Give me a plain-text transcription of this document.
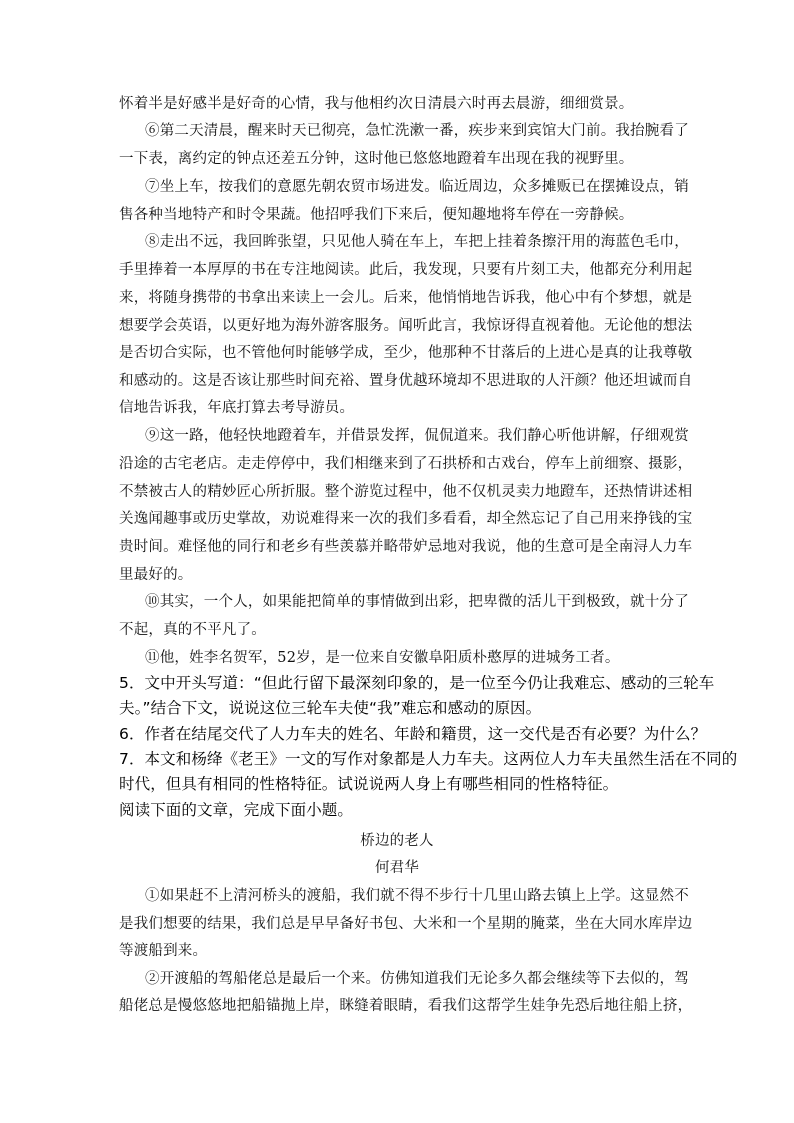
怀着半是好感半是好奇的心情，我与他相约次日清晨六时再去晨游，细细赏景。
⑥第二天清晨，醒来时天已彻亮，急忙洗漱一番，疾步来到宾馆大门前。我抬腕看了
一下表，离约定的钟点还差五分钟，这时他已悠悠地蹬着车出现在我的视野里。
⑦坐上车，按我们的意愿先朝农贸市场进发。临近周边，众多摊贩已在摆摊设点，销
售各种当地特产和时令果蔬。他招呼我们下来后，便知趣地将车停在一旁静候。
⑧走出不远，我回眸张望，只见他人骑在车上，车把上挂着条擦汗用的海蓝色毛巾，
手里捧着一本厚厚的书在专注地阅读。此后，我发现，只要有片刻工夫，他都充分利用起
来，将随身携带的书拿出来读上一会儿。后来，他悄悄地告诉我，他心中有个梦想，就是
想要学会英语，以更好地为海外游客服务。闻听此言，我惊讶得直视着他。无论他的想法
是否切合实际，也不管他何时能够学成，至少，他那种不甘落后的上进心是真的让我尊敬
和感动的。这是否该让那些时间充裕、置身优越环境却不思进取的人汗颜？他还坦诚而自
信地告诉我，年底打算去考导游员。
⑨这一路，他轻快地蹬着车，并借景发挥，侃侃道来。我们静心听他讲解，仔细观赏
沿途的古宅老店。走走停停中，我们相继来到了石拱桥和古戏台，停车上前细察、摄影，
不禁被古人的精妙匠心所折服。整个游览过程中，他不仅机灵卖力地蹬车，还热情讲述相
关逸闻趣事或历史掌故，劝说难得来一次的我们多看看，却全然忘记了自己用来挣钱的宝
贵时间。难怪他的同行和老乡有些羡慕并略带妒忌地对我说，他的生意可是全南浔人力车
里最好的。
⑩其实，一个人，如果能把简单的事情做到出彩，把卑微的活儿干到极致，就十分了
不起，真的不平凡了。
⑪他，姓李名贺军，52岁，是一位来自安徽阜阳质朴憨厚的进城务工者。
5．文中开头写道：“但此行留下最深刻印象的，是一位至今仍让我难忘、感动的三轮车
夫。”结合下文，说说这位三轮车夫使“我”难忘和感动的原因。
6．作者在结尾交代了人力车夫的姓名、年龄和籍贯，这一交代是否有必要？为什么？
7．本文和杨绛《老王》一文的写作对象都是人力车夫。这两位人力车夫虽然生活在不同的
时代，但具有相同的性格特征。试说说两人身上有哪些相同的性格特征。
阅读下面的文章，完成下面小题。
桥边的老人
何君华
①如果赶不上清河桥头的渡船，我们就不得不步行十几里山路去镇上上学。这显然不
是我们想要的结果，我们总是早早备好书包、大米和一个星期的腌菜，坐在大同水库岸边
等渡船到来。
②开渡船的驾船佬总是最后一个来。仿佛知道我们无论多久都会继续等下去似的，驾
船佬总是慢悠悠地把船锚抛上岸，眯缝着眼睛，看我们这帮学生娃争先恐后地往船上挤，
